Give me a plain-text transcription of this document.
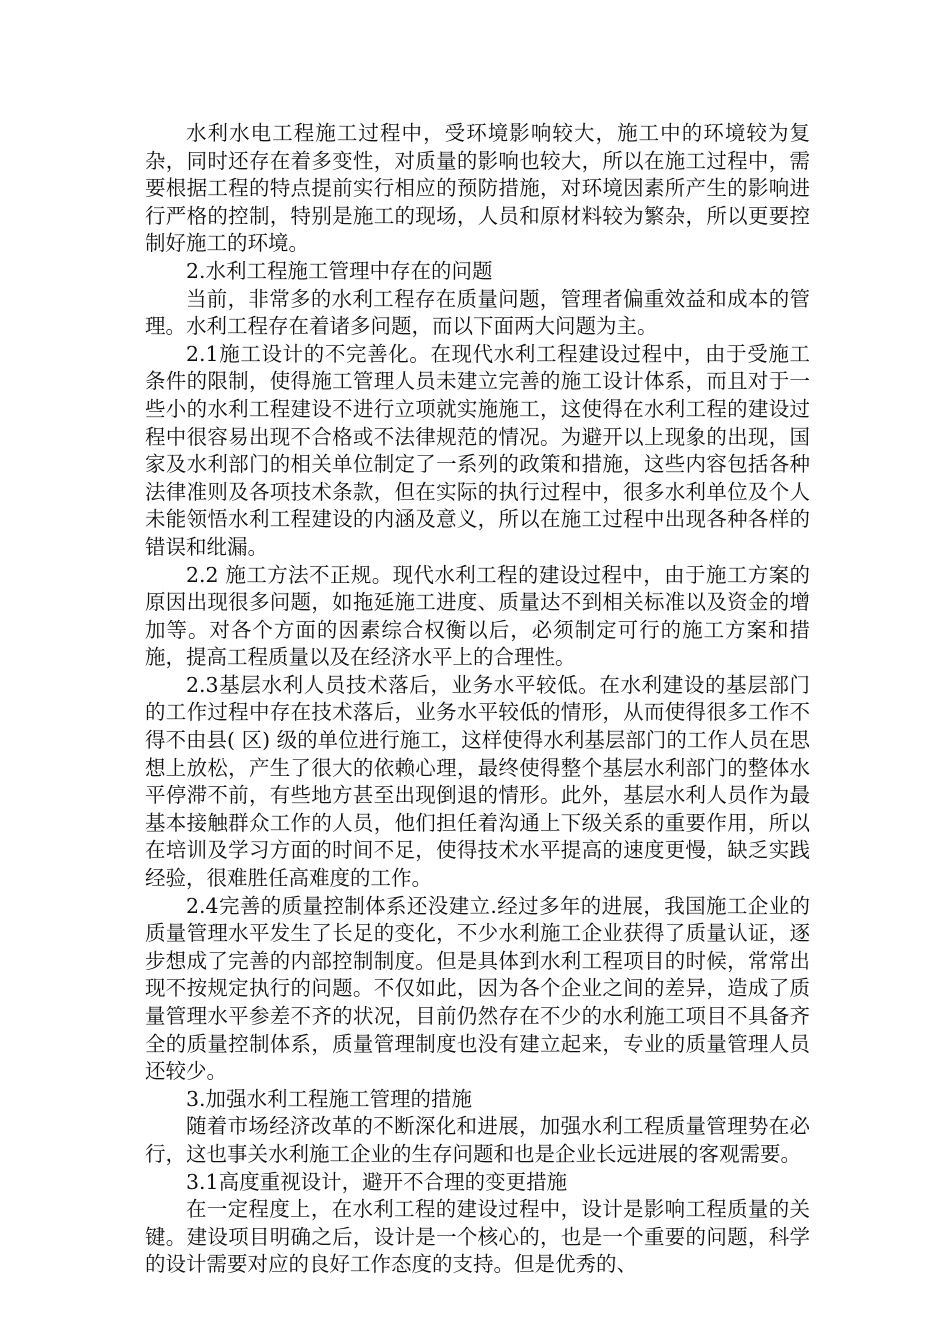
水利水电工程施工过程中，受环境影响较大，施工中的环境较为复杂，同时还存在着多变性，对质量的影响也较大，所以在施工过程中，需要根据工程的特点提前实行相应的预防措施，对环境因素所产生的影响进行严格的控制，特别是施工的现场，人员和原材料较为繁杂，所以更要控制好施工的环境。

2.水利工程施工管理中存在的问题

当前，非常多的水利工程存在质量问题，管理者偏重效益和成本的管理。水利工程存在着诸多问题，而以下面两大问题为主。

2.1施工设计的不完善化。在现代水利工程建设过程中，由于受施工条件的限制，使得施工管理人员未建立完善的施工设计体系，而且对于一些小的水利工程建设不进行立项就实施施工，这使得在水利工程的建设过程中很容易出现不合格或不法律规范的情况。为避开以上现象的出现，国家及水利部门的相关单位制定了一系列的政策和措施，这些内容包括各种法律准则及各项技术条款，但在实际的执行过程中，很多水利单位及个人未能领悟水利工程建设的内涵及意义，所以在施工过程中出现各种各样的错误和纰漏。

2.2 施工方法不正规。现代水利工程的建设过程中，由于施工方案的原因出现很多问题，如拖延施工进度、质量达不到相关标准以及资金的增加等。对各个方面的因素综合权衡以后，必须制定可行的施工方案和措施，提高工程质量以及在经济水平上的合理性。

2.3基层水利人员技术落后，业务水平较低。在水利建设的基层部门的工作过程中存在技术落后，业务水平较低的情形，从而使得很多工作不得不由县( 区) 级的单位进行施工，这样使得水利基层部门的工作人员在思想上放松，产生了很大的依赖心理，最终使得整个基层水利部门的整体水平停滞不前，有些地方甚至出现倒退的情形。此外，基层水利人员作为最基本接触群众工作的人员，他们担任着沟通上下级关系的重要作用，所以在培训及学习方面的时间不足，使得技术水平提高的速度更慢，缺乏实践经验，很难胜任高难度的工作。

2.4完善的质量控制体系还没建立.经过多年的进展，我国施工企业的质量管理水平发生了长足的变化，不少水利施工企业获得了质量认证，逐步想成了完善的内部控制制度。但是具体到水利工程项目的时候，常常出现不按规定执行的问题。不仅如此，因为各个企业之间的差异，造成了质量管理水平参差不齐的状况，目前仍然存在不少的水利施工项目不具备齐全的质量控制体系，质量管理制度也没有建立起来，专业的质量管理人员还较少。

3.加强水利工程施工管理的措施

随着市场经济改革的不断深化和进展，加强水利工程质量管理势在必行，这也事关水利施工企业的生存问题和也是企业长远进展的客观需要。

3.1高度重视设计，避开不合理的变更措施

在一定程度上，在水利工程的建设过程中，设计是影响工程质量的关键。建设项目明确之后，设计是一个核心的，也是一个重要的问题，科学的设计需要对应的良好工作态度的支持。但是优秀的、
